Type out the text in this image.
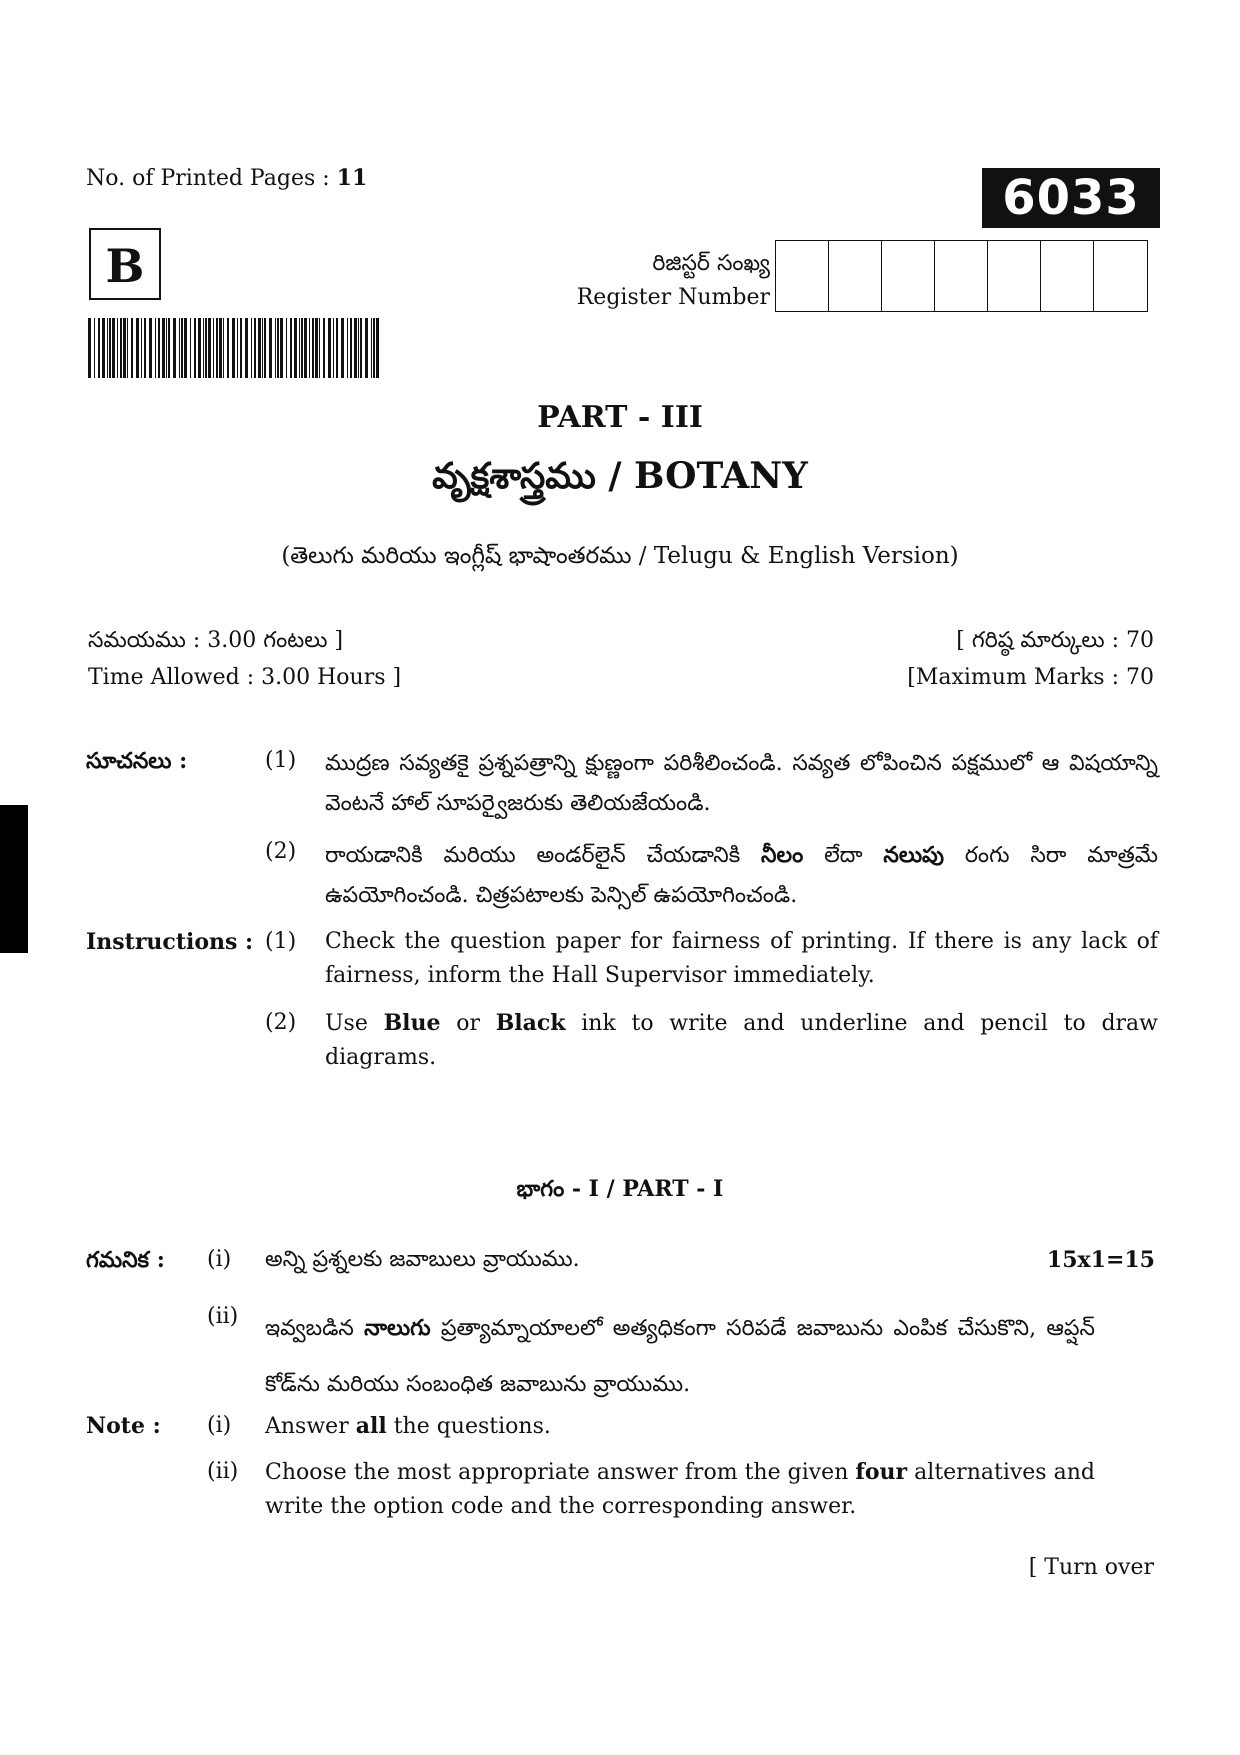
No. of Printed Pages : 11	6033
B	రిజిస్టర్ సంఖ్య
Register Number
PART - III
వృక్షశాస్త్రము / BOTANY
(తెలుగు మరియు ఇంగ్లీష్ భాషాంతరము / Telugu & English Version)
సమయము : 3.00 గంటలు ]
Time Allowed : 3.00 Hours ]
[ గరిష్ఠ మార్కులు : 70
[Maximum Marks : 70
సూచనలు :	(1) ముద్రణ సవ్యతకై ప్రశ్నపత్రాన్ని క్షుణ్ణంగా పరిశీలించండి. సవ్యత లోపించిన పక్షములో ఆ విషయాన్ని వెంటనే హాల్ సూపర్వైజరుకు తెలియజేయండి.
(2) రాయడానికి మరియు అండర్‌లైన్ చేయడానికి నీలం లేదా నలుపు రంగు సిరా మాత్రమే ఉపయోగించండి. చిత్రపటాలకు పెన్సిల్ ఉపయోగించండి.
Instructions : (1) Check the question paper for fairness of printing. If there is any lack of fairness, inform the Hall Supervisor immediately.
(2) Use Blue or Black ink to write and underline and pencil to draw diagrams.
భాగం - I / PART - I
గమనిక : (i) అన్ని ప్రశ్నలకు జవాబులు వ్రాయుము.	15x1=15
(ii) ఇవ్వబడిన నాలుగు ప్రత్యామ్నాయాలలో అత్యధికంగా సరిపడే జవాబును ఎంపిక చేసుకొని, ఆప్షన్ కోడ్‌ను మరియు సంబంధిత జవాబును వ్రాయుము.
Note : (i) Answer all the questions.
(ii) Choose the most appropriate answer from the given four alternatives and write the option code and the corresponding answer.
[ Turn over
